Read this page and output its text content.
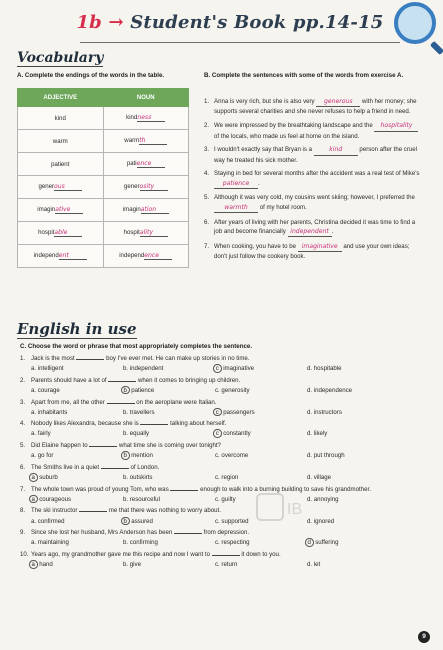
1b → Student's Book pp.14-15
Vocabulary
A. Complete the endings of the words in the table.
ADJECTIVE	NOUN
kind	kindness
warm	warmth
patient	patience
generous	generosity
imaginative	imagination
hospitable	hospitality
independent	independence
B. Complete the sentences with some of the words from exercise A.
1. Anna is very rich, but she is also very generous with her money; she supports several charities and she never refuses to help a friend in need.
2. We were impressed by the breathtaking landscape and the hospitality of the locals, who made us feel at home on the island.
3. I wouldn't exactly say that Bryan is a	kind	person after the cruel way he treated his sick mother.
4. Staying in bed for several months after the accident was a real test of Mike's patience .
5. Although it was very cold, my cousins went skiing; however, I preferred the warmth of my hotel room.
6. After years of living with her parents, Christina decided it was time to find a job and become financially independent .
7. When cooking, you have to be imaginative and use your own ideas; don't just follow the cookery book.
English in use
C. Choose the word or phrase that most appropriately completes the sentence.
1. Jack is the most	boy I've ever met. He can make up stories in no time.
a. intelligent	b. independent	c imaginative	d. hospitable
2. Parents should have a lot of	when it comes to bringing up children.
a. courage	b patience	c. generosity	d. independence
3. Apart from me, all the other	on the aeroplane were Italian.
a. inhabitants	b. travellers	c passengers	d. instructors
4. Nobody likes Alexandra, because she is	talking about herself.
a. fairly	b. equally	c constantly	d. likely
5. Did Elaine happen to	what time she is coming over tonight?
a. go for	b mention	c. overcome	d. put through
6. The Smiths live in a quiet	of London.
a suburb	b. outskirts	c. region	d. village
7. The whole town was proud of young Tom, who was	enough to walk into a burning building to save his grandmother.
a courageous	b. resourceful	c. guilty	d. annoying
8. The ski instructor	me that there was nothing to worry about.
a. confirmed	b assured	c. supported	d. ignored
9. Since she lost her husband, Mrs Anderson has been	from depression.
a. maintaining	b. confirming	c. respecting	d suffering
10. Years ago, my grandmother gave me this recipe and now I want to	it down to you.
a hand	b. give	c. return	d. let
IB
9
